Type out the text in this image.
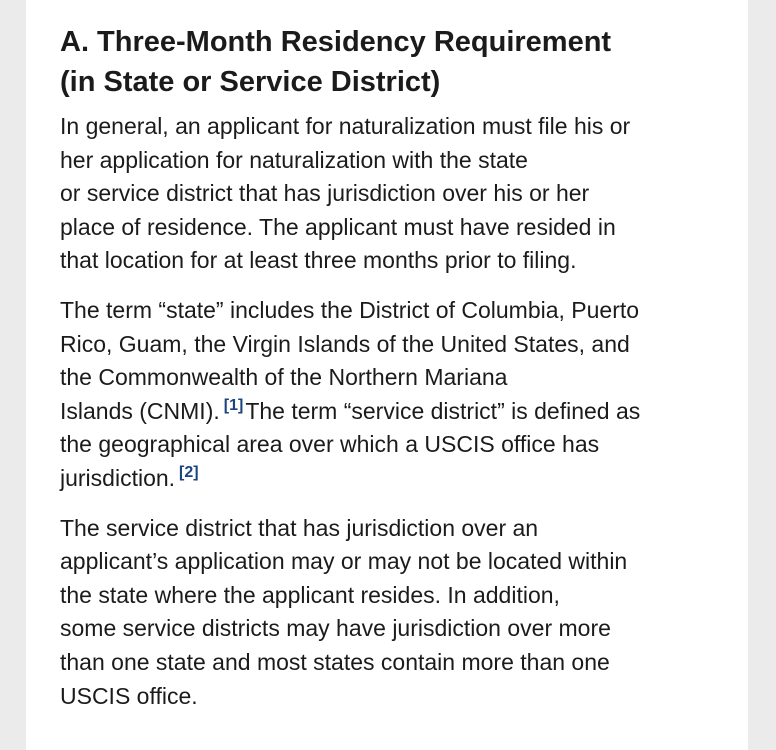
A. Three-Month Residency Requirement
(in State or Service District)

In general, an applicant for naturalization must file his or
her application for naturalization with the state
or service district that has jurisdiction over his or her
place of residence. The applicant must have resided in
that location for at least three months prior to filing.

The term “state” includes the District of Columbia, Puerto
Rico, Guam, the Virgin Islands of the United States, and
the Commonwealth of the Northern Mariana
Islands (CNMI). [1]The term “service district” is defined as
the geographical area over which a USCIS office has
jurisdiction. [2]

The service district that has jurisdiction over an
applicant’s application may or may not be located within
the state where the applicant resides. In addition,
some service districts may have jurisdiction over more
than one state and most states contain more than one
USCIS office.
